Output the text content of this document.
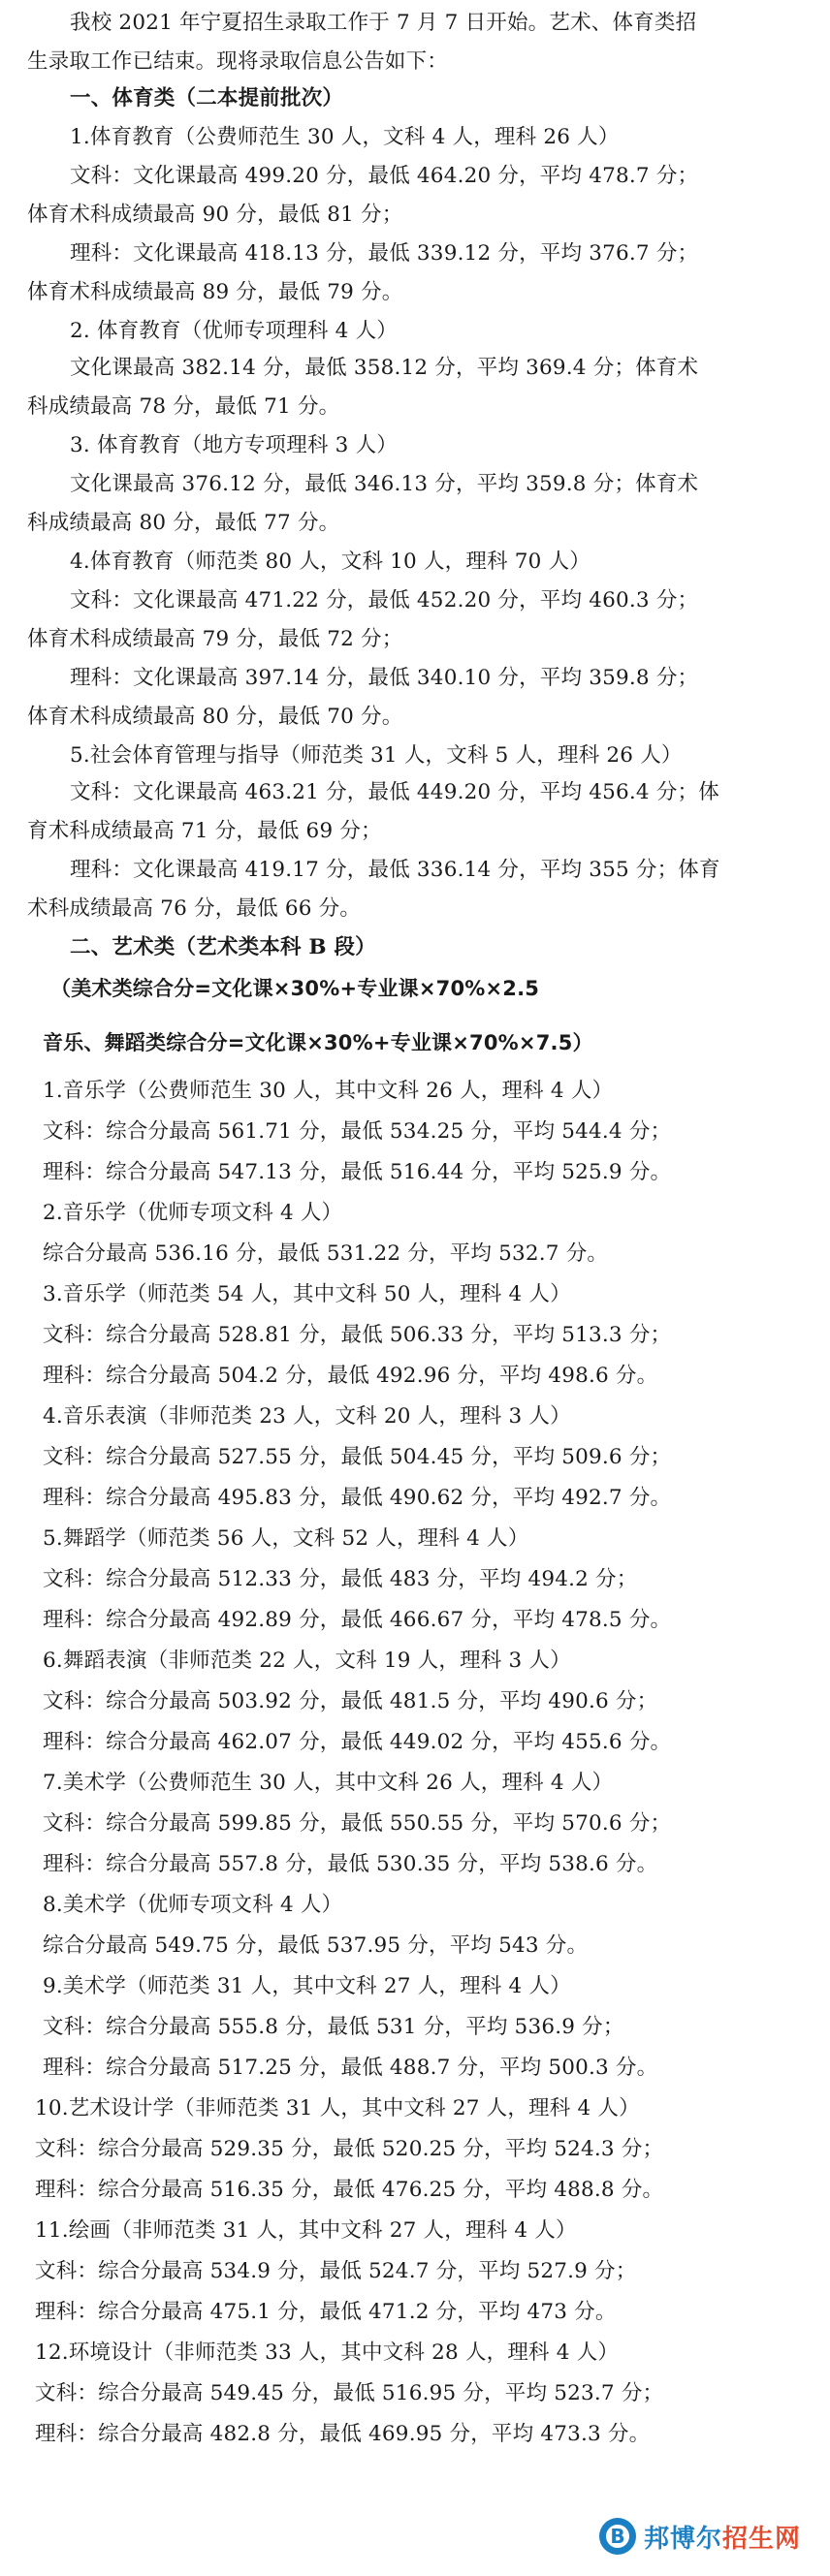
我校 2021 年宁夏招生录取工作于 7 月 7 日开始。艺术、体育类招
生录取工作已结束。现将录取信息公告如下：
一、体育类（二本提前批次）
1.体育教育（公费师范生 30 人，文科 4 人，理科 26 人）
文科：文化课最高 499.20 分，最低 464.20 分，平均 478.7 分；
体育术科成绩最高 90 分，最低 81 分；
理科：文化课最高 418.13 分，最低 339.12 分，平均 376.7 分；
体育术科成绩最高 89 分，最低 79 分。
2. 体育教育（优师专项理科 4 人）
文化课最高 382.14 分，最低 358.12 分，平均 369.4 分；体育术
科成绩最高 78 分，最低 71 分。
3. 体育教育（地方专项理科 3 人）
文化课最高 376.12 分，最低 346.13 分，平均 359.8 分；体育术
科成绩最高 80 分，最低 77 分。
4.体育教育（师范类 80 人，文科 10 人，理科 70 人）
文科：文化课最高 471.22 分，最低 452.20 分，平均 460.3 分；
体育术科成绩最高 79 分，最低 72 分；
理科：文化课最高 397.14 分，最低 340.10 分，平均 359.8 分；
体育术科成绩最高 80 分，最低 70 分。
5.社会体育管理与指导（师范类 31 人，文科 5 人，理科 26 人）
文科：文化课最高 463.21 分，最低 449.20 分，平均 456.4 分；体
育术科成绩最高 71 分，最低 69 分；
理科：文化课最高 419.17 分，最低 336.14 分，平均 355 分；体育
术科成绩最高 76 分，最低 66 分。
二、艺术类（艺术类本科 B 段）
（美术类综合分=文化课×30%+专业课×70%×2.5
音乐、舞蹈类综合分=文化课×30%+专业课×70%×7.5）
1.音乐学（公费师范生 30 人，其中文科 26 人，理科 4 人）
文科：综合分最高 561.71 分，最低 534.25 分，平均 544.4 分；
理科：综合分最高 547.13 分，最低 516.44 分，平均 525.9 分。
2.音乐学（优师专项文科 4 人）
综合分最高 536.16 分，最低 531.22 分，平均 532.7 分。
3.音乐学（师范类 54 人，其中文科 50 人，理科 4 人）
文科：综合分最高 528.81 分，最低 506.33 分，平均 513.3 分；
理科：综合分最高 504.2 分，最低 492.96 分，平均 498.6 分。
4.音乐表演（非师范类 23 人，文科 20 人，理科 3 人）
文科：综合分最高 527.55 分，最低 504.45 分，平均 509.6 分；
理科：综合分最高 495.83 分，最低 490.62 分，平均 492.7 分。
5.舞蹈学（师范类 56 人，文科 52 人，理科 4 人）
文科：综合分最高 512.33 分，最低 483 分，平均 494.2 分；
理科：综合分最高 492.89 分，最低 466.67 分，平均 478.5 分。
6.舞蹈表演（非师范类 22 人，文科 19 人，理科 3 人）
文科：综合分最高 503.92 分，最低 481.5 分，平均 490.6 分；
理科：综合分最高 462.07 分，最低 449.02 分，平均 455.6 分。
7.美术学（公费师范生 30 人，其中文科 26 人，理科 4 人）
文科：综合分最高 599.85 分，最低 550.55 分，平均 570.6 分；
理科：综合分最高 557.8 分，最低 530.35 分，平均 538.6 分。
8.美术学（优师专项文科 4 人）
综合分最高 549.75 分，最低 537.95 分，平均 543 分。
9.美术学（师范类 31 人，其中文科 27 人，理科 4 人）
文科：综合分最高 555.8 分，最低 531 分，平均 536.9 分；
理科：综合分最高 517.25 分，最低 488.7 分，平均 500.3 分。
10.艺术设计学（非师范类 31 人，其中文科 27 人，理科 4 人）
文科：综合分最高 529.35 分，最低 520.25 分，平均 524.3 分；
理科：综合分最高 516.35 分，最低 476.25 分，平均 488.8 分。
11.绘画（非师范类 31 人，其中文科 27 人，理科 4 人）
文科：综合分最高 534.9 分，最低 524.7 分，平均 527.9 分；
理科：综合分最高 475.1 分，最低 471.2 分，平均 473 分。
12.环境设计（非师范类 33 人，其中文科 28 人，理科 4 人）
文科：综合分最高 549.45 分，最低 516.95 分，平均 523.7 分；
理科：综合分最高 482.8 分，最低 469.95 分，平均 473.3 分。
B
邦博尔招生网
